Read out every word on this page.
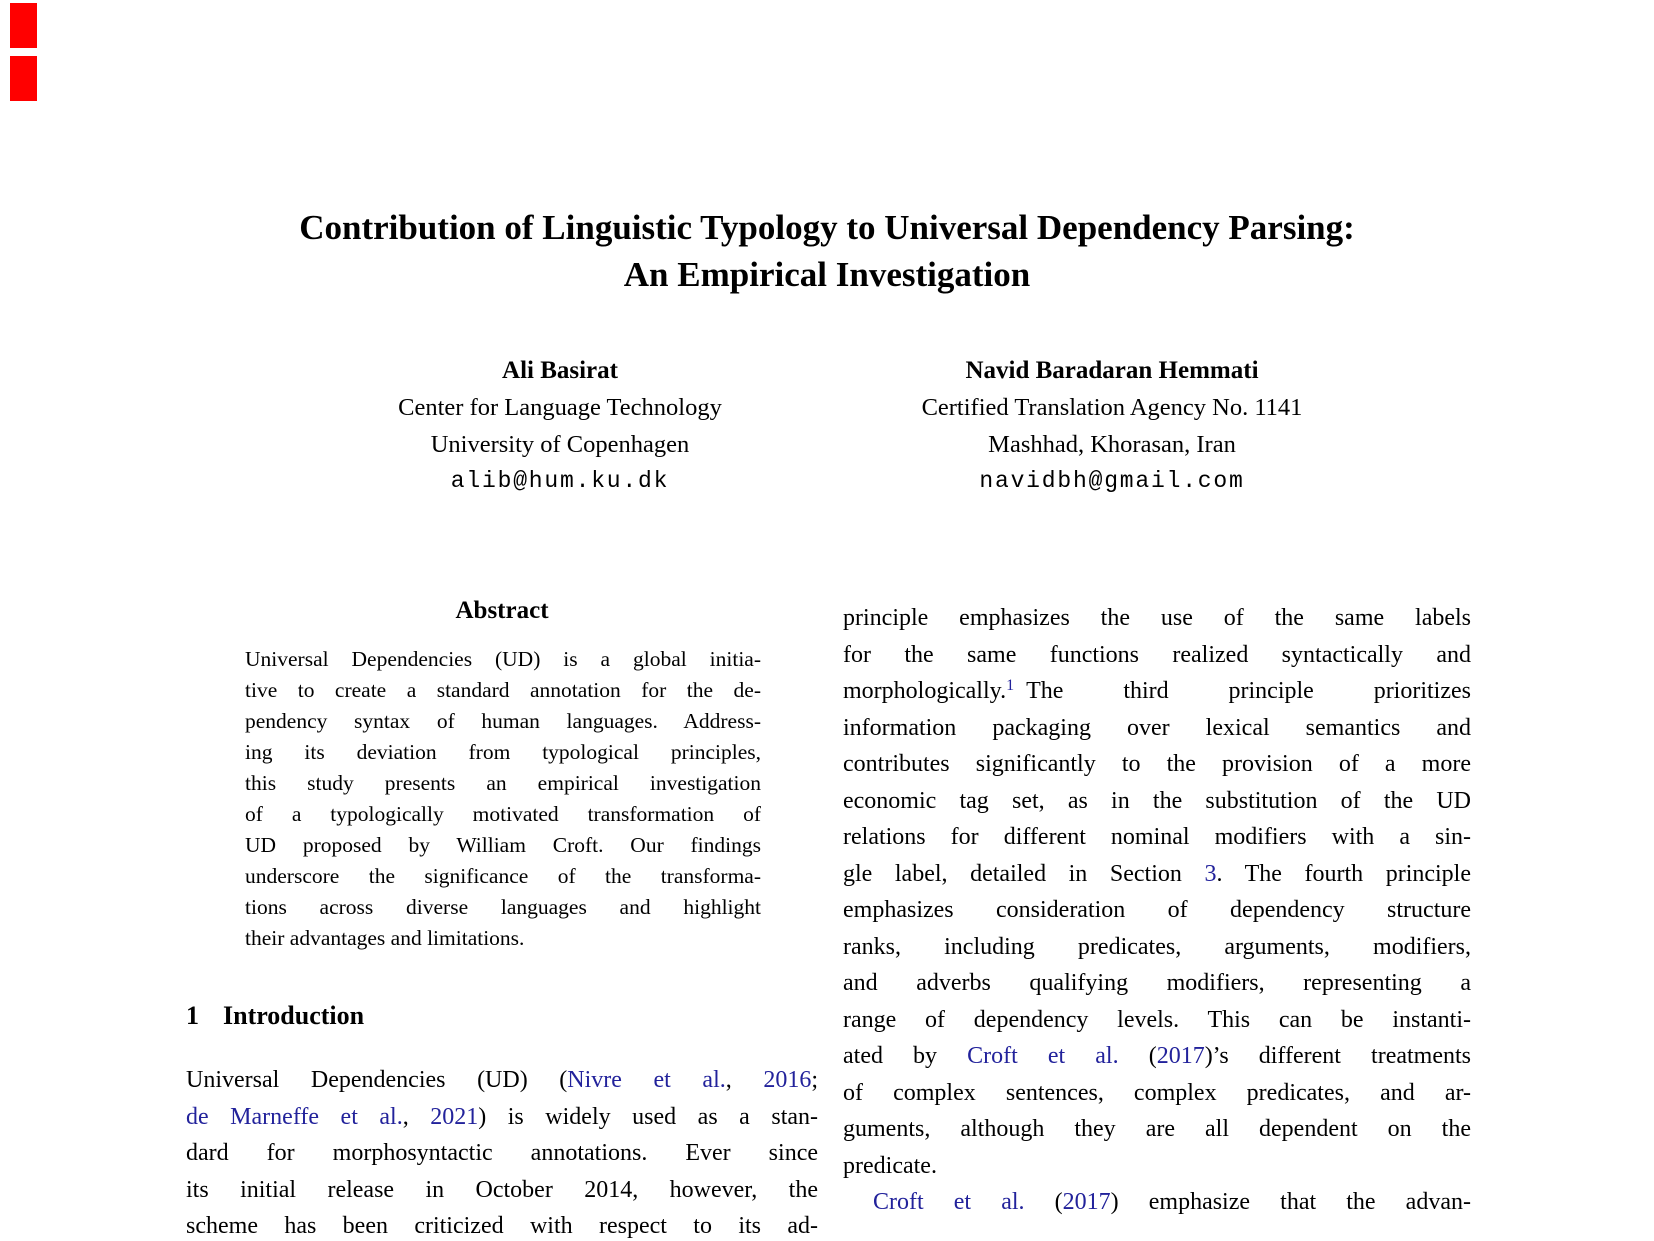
Contribution of Linguistic Typology to Universal Dependency Parsing:
An Empirical Investigation
Ali Basirat
Center for Language Technology
University of Copenhagen
alib@hum.ku.dk
Navid Baradaran Hemmati
Certified Translation Agency No. 1141
Mashhad, Khorasan, Iran
navidbh@gmail.com
Abstract
Universal Dependencies (UD) is a global initia-
tive to create a standard annotation for the de-
pendency syntax of human languages. Address-
ing its deviation from typological principles,
this study presents an empirical investigation
of a typologically motivated transformation of
UD proposed by William Croft. Our findings
underscore the significance of the transforma-
tions across diverse languages and highlight
their advantages and limitations.
1 Introduction
Universal Dependencies (UD) (Nivre et al., 2016;
de Marneffe et al., 2021) is widely used as a stan-
dard for morphosyntactic annotations. Ever since
its initial release in October 2014, however, the
scheme has been criticized with respect to its ad-
principle emphasizes the use of the same labels
for the same functions realized syntactically and
morphologically.$^1$ The third principle prioritizes
information packaging over lexical semantics and
contributes significantly to the provision of a more
economic tag set, as in the substitution of the UD
relations for different nominal modifiers with a sin-
gle label, detailed in Section 3. The fourth principle
emphasizes consideration of dependency structure
ranks, including predicates, arguments, modifiers,
and adverbs qualifying modifiers, representing a
range of dependency levels. This can be instanti-
ated by Croft et al. (2017)’s different treatments
of complex sentences, complex predicates, and ar-
guments, although they are all dependent on the
predicate.
Croft et al. (2017) emphasize that the advan-
